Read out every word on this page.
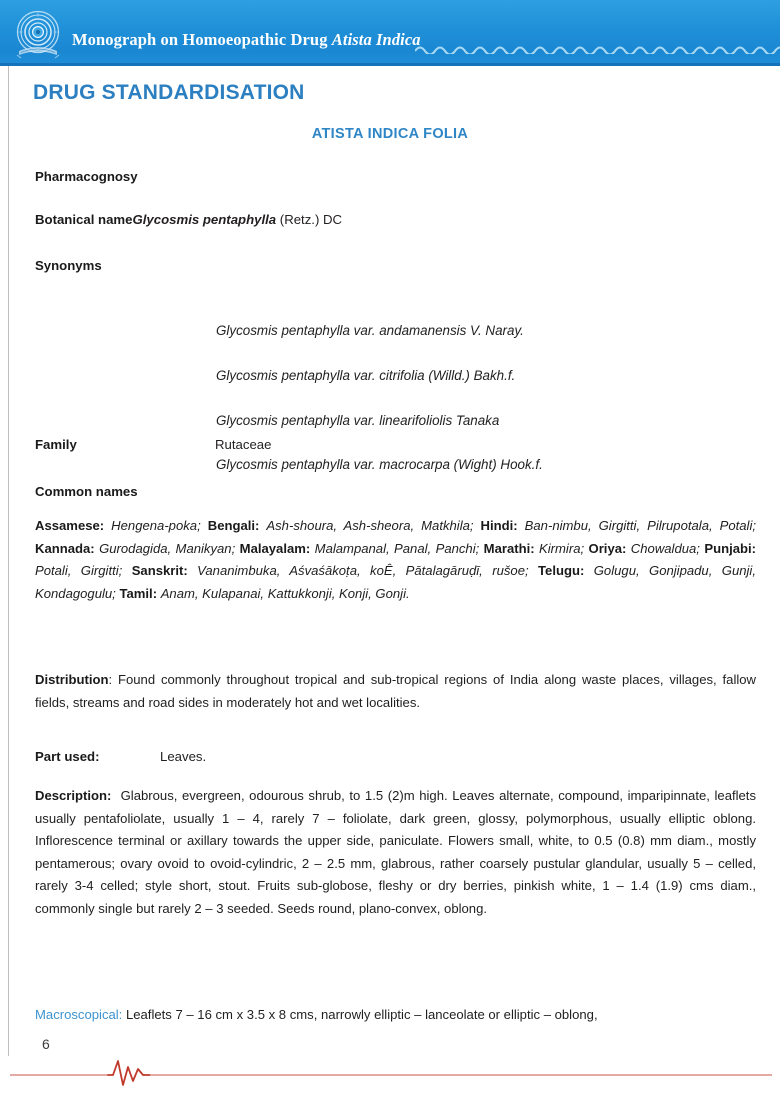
Monograph on Homoeopathic Drug Atista Indica
DRUG STANDARDISATION
ATISTA INDICA FOLIA
Pharmacognosy
Botanical nameGlycosmis pentaphylla (Retz.) DC
Synonyms
Glycosmis pentaphylla var. andamanensis V. Naray.
Glycosmis pentaphylla var. citrifolia (Willd.) Bakh.f.
Glycosmis pentaphylla var. linearifoliolis Tanaka
Glycosmis pentaphylla var. macrocarpa (Wight) Hook.f.
Family	Rutaceae
Common names
Assamese: Hengena-poka; Bengali: Ash-shoura, Ash-sheora, Matkhila; Hindi: Ban-nimbu, Girgitti, Pilrupotala, Potali; Kannada: Gurodagida, Manikyan; Malayalam: Malampanal, Panal, Panchi; Marathi: Kirmira; Oriya: Chowaldua; Punjabi: Potali, Girgitti; Sanskrit: Vananimbuka, Aśvaśākoṭa, koÊ, Pātalagāruḍī, rušoe; Telugu: Golugu, Gonjipadu, Gunji, Kondagogulu; Tamil: Anam, Kulapanai, Kattukkonji, Konji, Gonji.
Distribution: Found commonly throughout tropical and sub-tropical regions of India along waste places, villages, fallow fields, streams and road sides in moderately hot and wet localities.
Part used:	Leaves.
Description: Glabrous, evergreen, odourous shrub, to 1.5 (2)m high. Leaves alternate, compound, imparipinnate, leaflets usually pentafoliolate, usually 1 – 4, rarely 7 – foliolate, dark green, glossy, polymorphous, usually elliptic oblong. Inflorescence terminal or axillary towards the upper side, paniculate. Flowers small, white, to 0.5 (0.8) mm diam., mostly pentamerous; ovary ovoid to ovoid-cylindric, 2 – 2.5 mm, glabrous, rather coarsely pustular glandular, usually 5 – celled, rarely 3-4 celled; style short, stout. Fruits sub-globose, fleshy or dry berries, pinkish white, 1 – 1.4 (1.9) cms diam., commonly single but rarely 2 – 3 seeded. Seeds round, plano-convex, oblong.
Macroscopical: Leaflets 7 – 16 cm x 3.5 x 8 cms, narrowly elliptic – lanceolate or elliptic – oblong,
6
